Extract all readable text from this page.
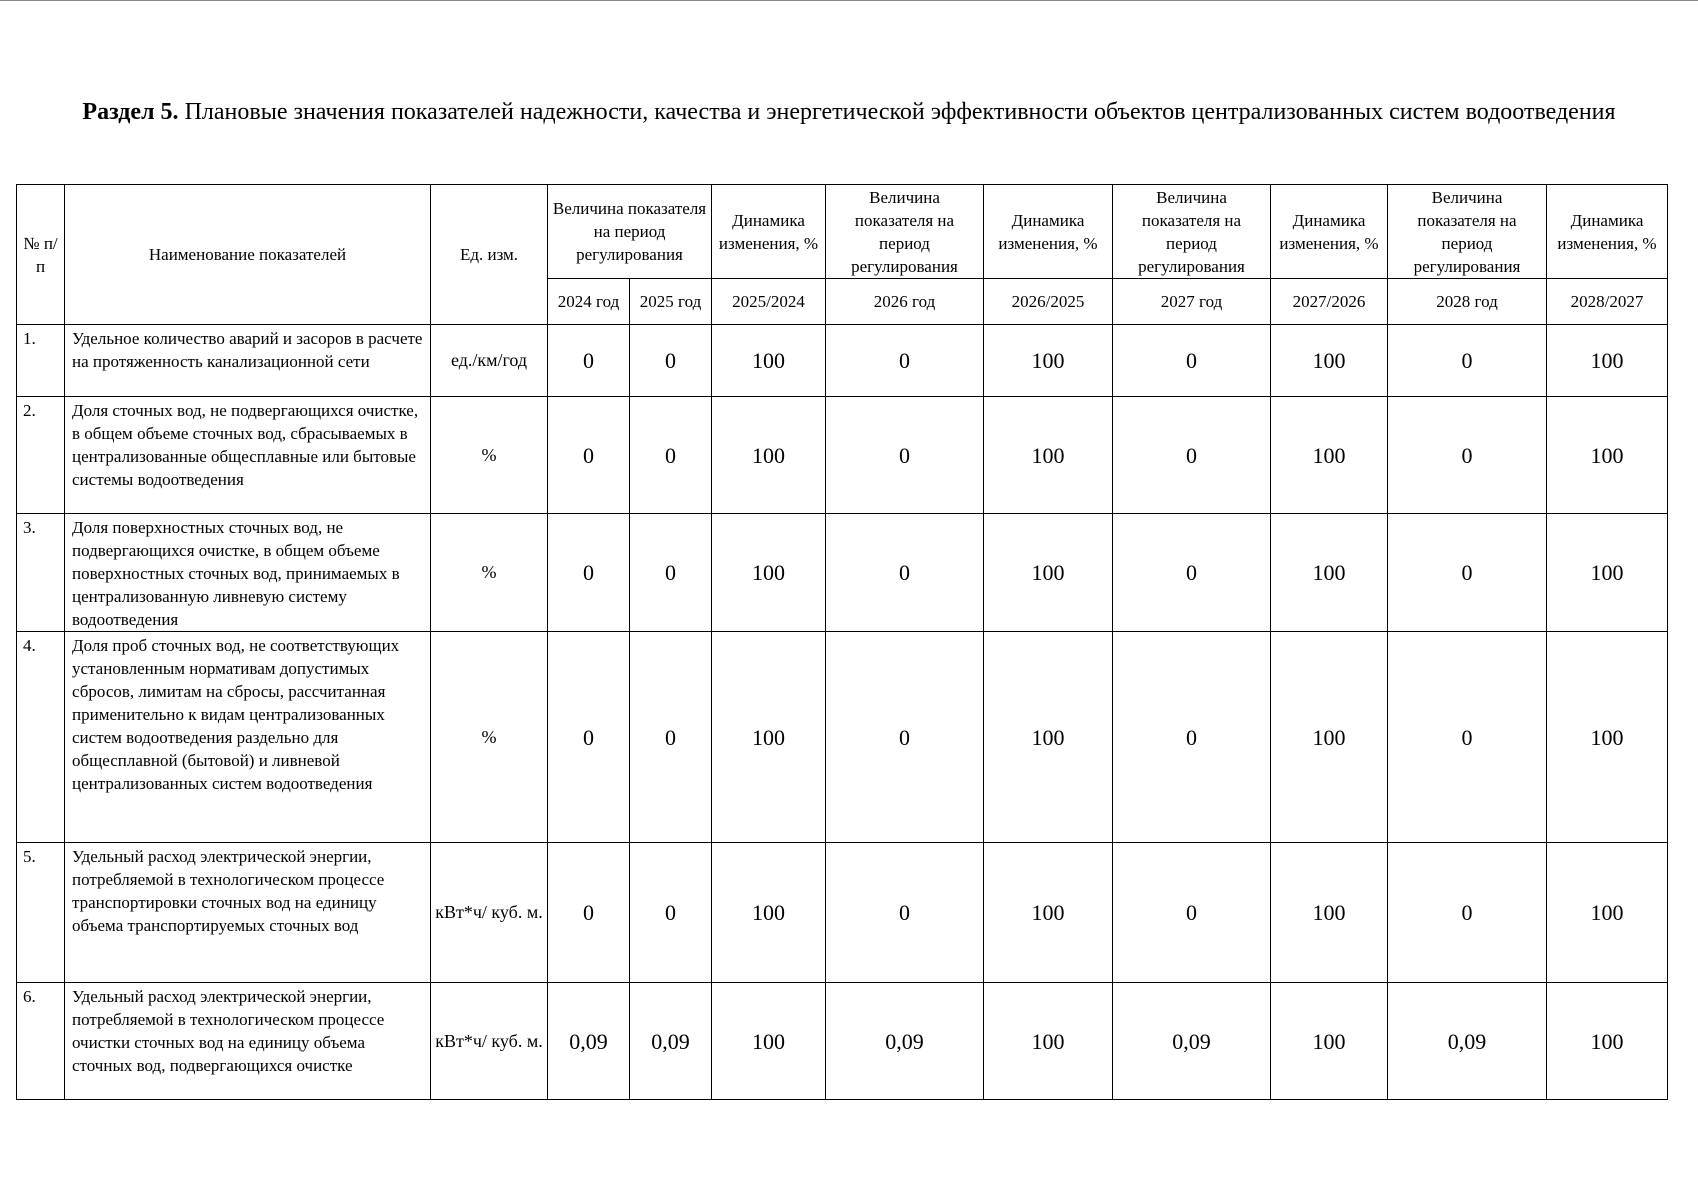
Раздел 5. Плановые значения показателей надежности, качества и энергетической эффективности объектов централизованных систем водоотведения
№ п/п	Наименование показателей	Ед. изм.	Величина показателя на период регулирования		Динамика изменения, %	Величина показателя на период регулирования	Динамика изменения, %	Величина показателя на период регулирования	Динамика изменения, %	Величина показателя на период регулирования	Динамика изменения, %
			2024 год	2025 год	2025/2024	2026 год	2026/2025	2027 год	2027/2026	2028 год	2028/2027
1.	Удельное количество аварий и засоров в расчете на протяженность канализационной сети	ед./км/год	0	0	100	0	100	0	100	0	100
2.	Доля сточных вод, не подвергающихся очистке, в общем объеме сточных вод, сбрасываемых в централизованные общесплавные или бытовые системы водоотведения	%	0	0	100	0	100	0	100	0	100
3.	Доля поверхностных сточных вод, не подвергающихся очистке, в общем объеме поверхностных сточных вод, принимаемых в централизованную ливневую систему водоотведения	%	0	0	100	0	100	0	100	0	100
4.	Доля проб сточных вод, не соответствующих установленным нормативам допустимых сбросов, лимитам на сбросы, рассчитанная применительно к видам централизованных систем водоотведения раздельно для общесплавной (бытовой) и ливневой централизованных систем водоотведения	%	0	0	100	0	100	0	100	0	100
5.	Удельный расход электрической энергии, потребляемой в технологическом процессе транспортировки сточных вод на единицу объема транспортируемых сточных вод	кВт*ч/ куб. м.	0	0	100	0	100	0	100	0	100
6.	Удельный расход электрической энергии, потребляемой в технологическом процессе очистки сточных вод на единицу объема сточных вод, подвергающихся очистке	кВт*ч/ куб. м.	0,09	0,09	100	0,09	100	0,09	100	0,09	100
